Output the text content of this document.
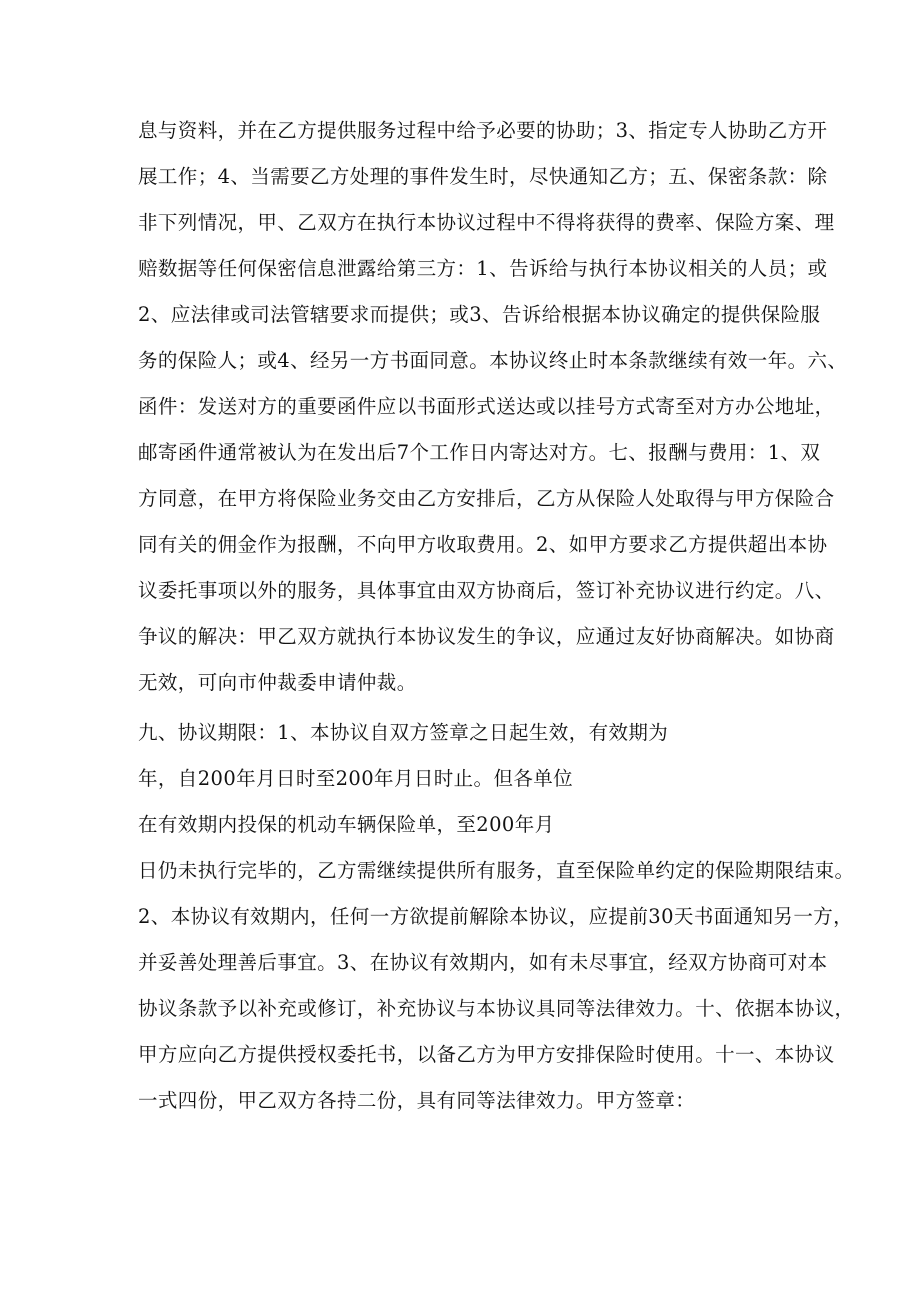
息与资料，并在乙方提供服务过程中给予必要的协助；3、指定专人协助乙方开
展工作；4、当需要乙方处理的事件发生时，尽快通知乙方；五、保密条款：除
非下列情况，甲、乙双方在执行本协议过程中不得将获得的费率、保险方案、理
赔数据等任何保密信息泄露给第三方：1、告诉给与执行本协议相关的人员；或
2、应法律或司法管辖要求而提供；或3、告诉给根据本协议确定的提供保险服
务的保险人；或4、经另一方书面同意。本协议终止时本条款继续有效一年。六、
函件：发送对方的重要函件应以书面形式送达或以挂号方式寄至对方办公地址，
邮寄函件通常被认为在发出后7个工作日内寄达对方。七、报酬与费用：1、双
方同意，在甲方将保险业务交由乙方安排后，乙方从保险人处取得与甲方保险合
同有关的佣金作为报酬，不向甲方收取费用。2、如甲方要求乙方提供超出本协
议委托事项以外的服务，具体事宜由双方协商后，签订补充协议进行约定。八、
争议的解决：甲乙双方就执行本协议发生的争议，应通过友好协商解决。如协商
无效，可向市仲裁委申请仲裁。
九、协议期限：1、本协议自双方签章之日起生效，有效期为
年，自200年月日时至200年月日时止。但各单位
在有效期内投保的机动车辆保险单，至200年月
日仍未执行完毕的，乙方需继续提供所有服务，直至保险单约定的保险期限结束。
2、本协议有效期内，任何一方欲提前解除本协议，应提前30天书面通知另一方，
并妥善处理善后事宜。3、在协议有效期内，如有未尽事宜，经双方协商可对本
协议条款予以补充或修订，补充协议与本协议具同等法律效力。十、依据本协议，
甲方应向乙方提供授权委托书，以备乙方为甲方安排保险时使用。十一、本协议
一式四份，甲乙双方各持二份，具有同等法律效力。甲方签章：
